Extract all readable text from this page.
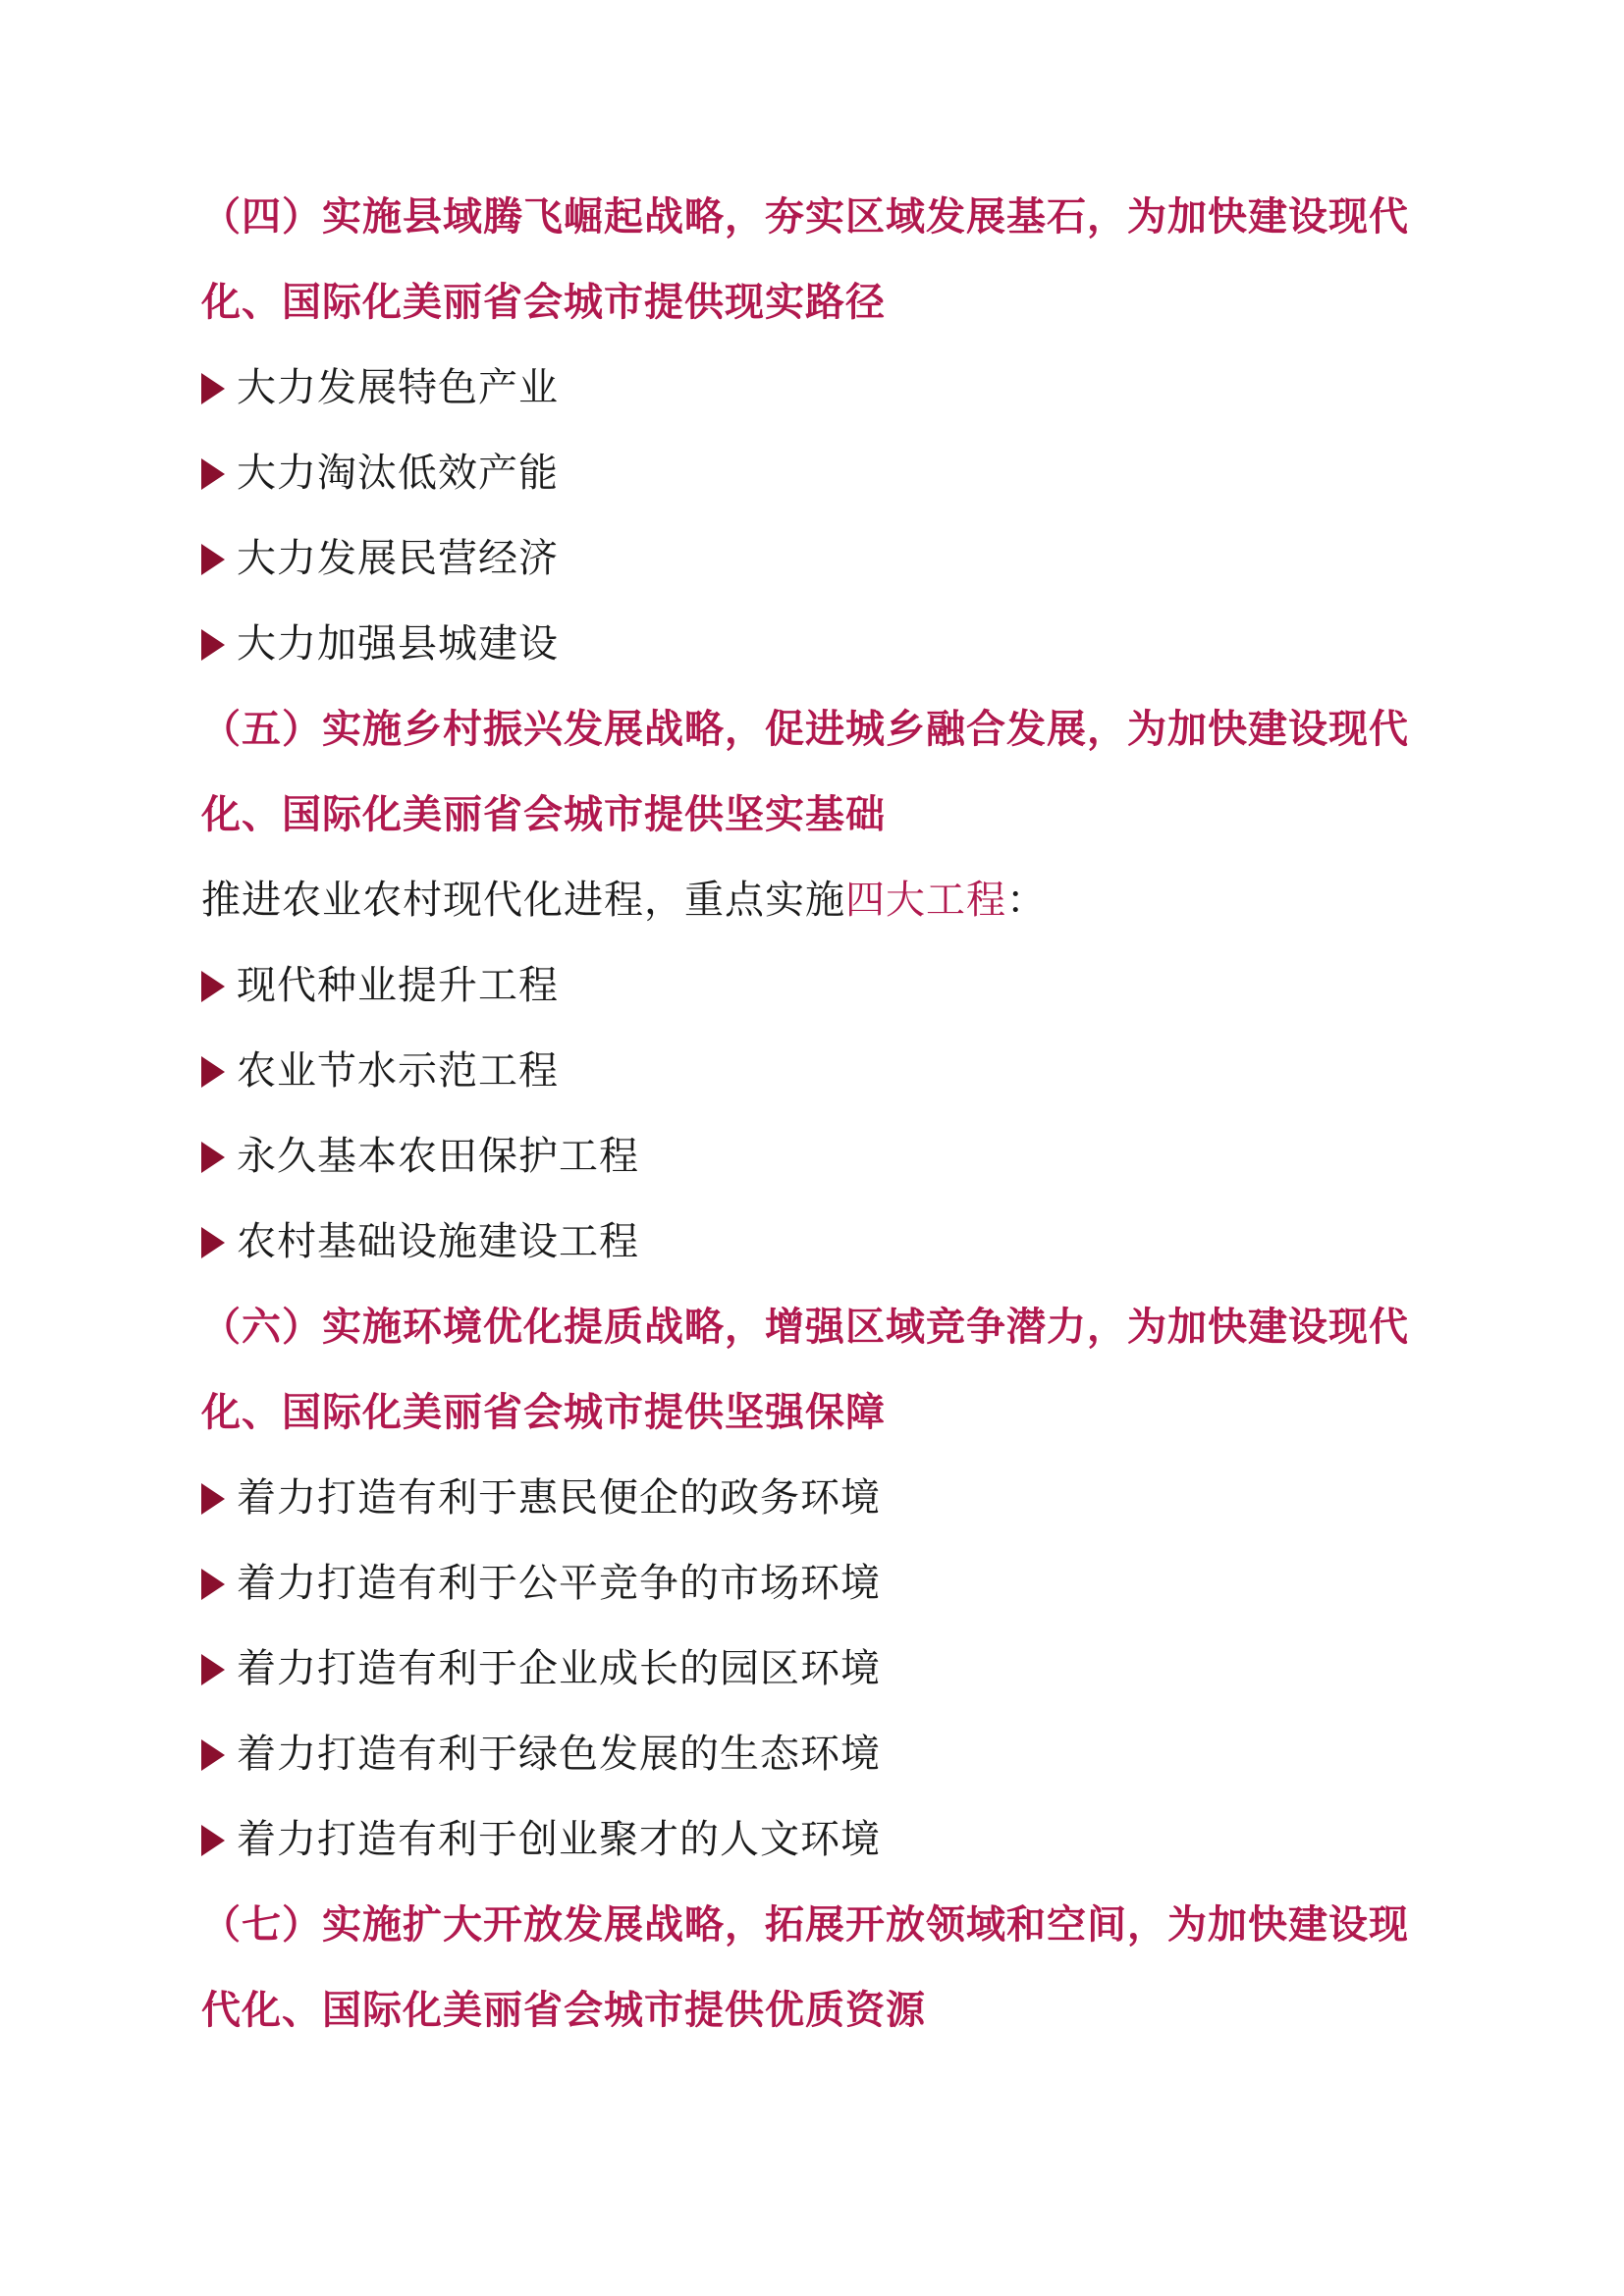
（四）实施县域腾飞崛起战略，夯实区域发展基石，为加快建设现代
化、国际化美丽省会城市提供现实路径
大力发展特色产业
大力淘汰低效产能
大力发展民营经济
大力加强县城建设
（五）实施乡村振兴发展战略，促进城乡融合发展，为加快建设现代
化、国际化美丽省会城市提供坚实基础
推进农业农村现代化进程，重点实施四大工程：
现代种业提升工程
农业节水示范工程
永久基本农田保护工程
农村基础设施建设工程
（六）实施环境优化提质战略，增强区域竞争潜力，为加快建设现代
化、国际化美丽省会城市提供坚强保障
着力打造有利于惠民便企的政务环境
着力打造有利于公平竞争的市场环境
着力打造有利于企业成长的园区环境
着力打造有利于绿色发展的生态环境
着力打造有利于创业聚才的人文环境
（七）实施扩大开放发展战略，拓展开放领域和空间，为加快建设现
代化、国际化美丽省会城市提供优质资源
